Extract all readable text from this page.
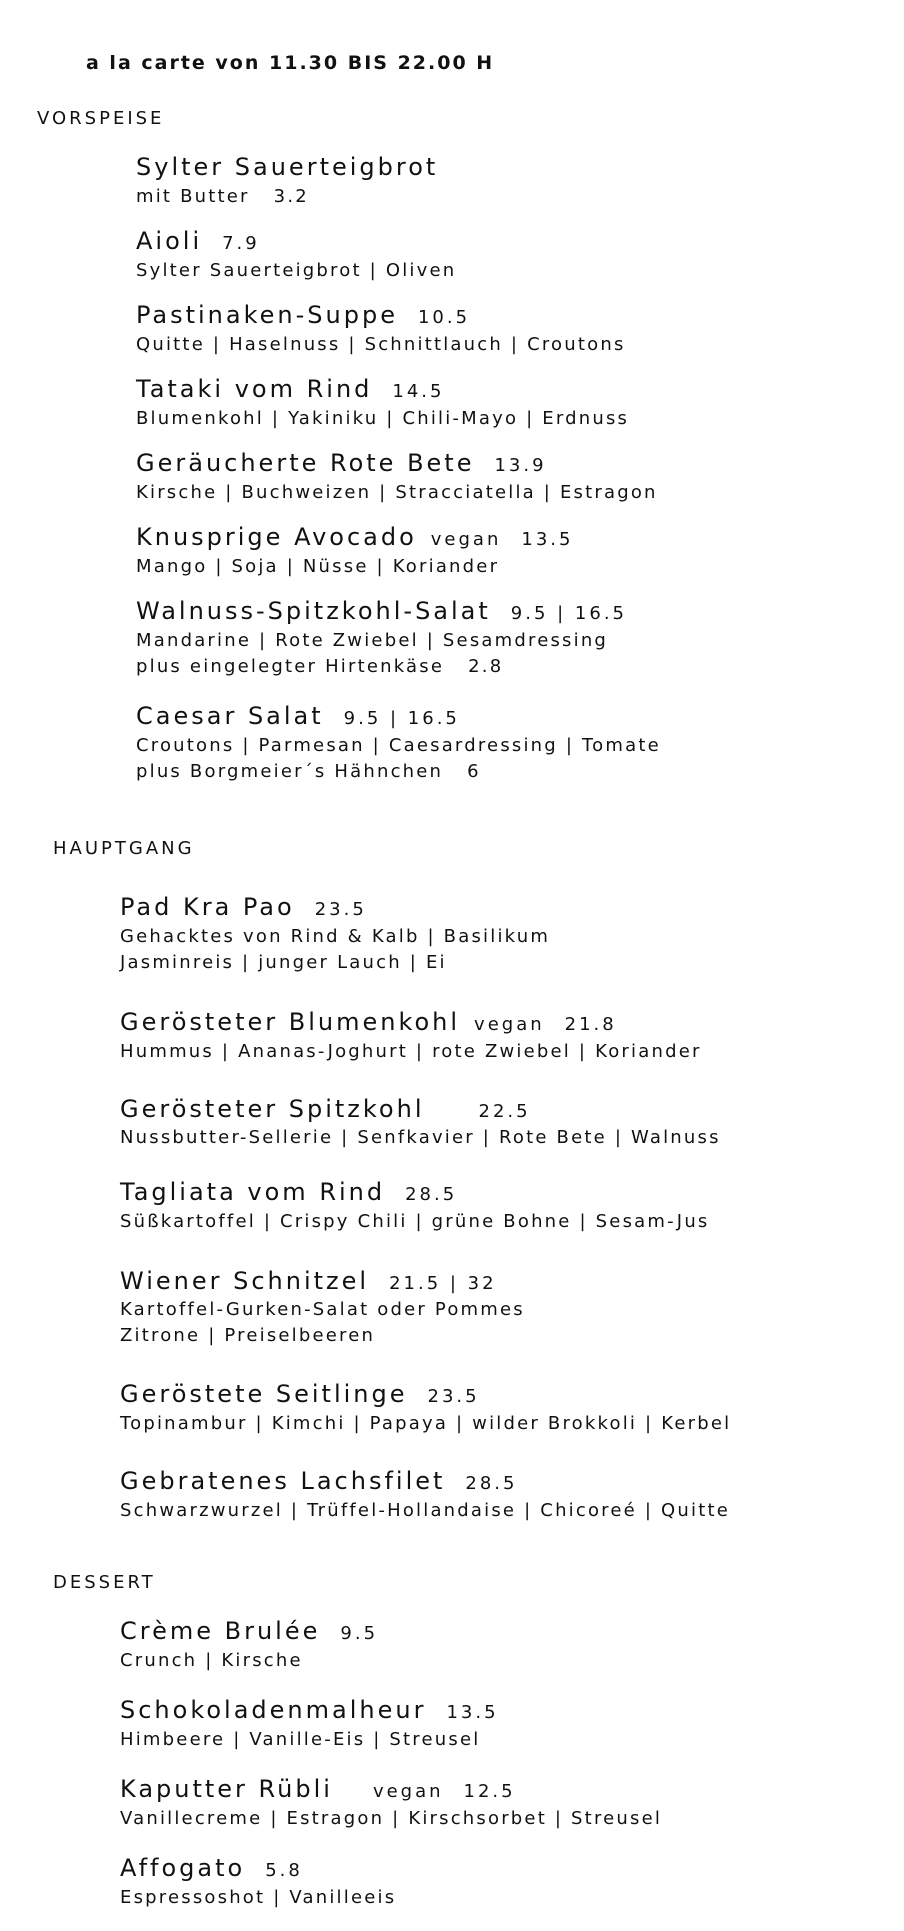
a la carte von 11.30 BIS 22.00 H
VORSPEISE
Sylter Sauerteigbrot
mit Butter 3.2
Aioli 7.9
Sylter Sauerteigbrot | Oliven
Pastinaken-Suppe 10.5
Quitte | Haselnuss | Schnittlauch | Croutons
Tataki vom Rind 14.5
Blumenkohl | Yakiniku | Chili-Mayo | Erdnuss
Geräucherte Rote Bete 13.9
Kirsche | Buchweizen | Stracciatella | Estragon
Knusprige Avocado vegan 13.5
Mango | Soja | Nüsse | Koriander
Walnuss-Spitzkohl-Salat 9.5 | 16.5
Mandarine | Rote Zwiebel | Sesamdressing
plus eingelegter Hirtenkäse 2.8
Caesar Salat 9.5 | 16.5
Croutons | Parmesan | Caesardressing | Tomate
plus Borgmeier´s Hähnchen 6
HAUPTGANG
Pad Kra Pao 23.5
Gehacktes von Rind & Kalb | Basilikum
Jasminreis | junger Lauch | Ei
Gerösteter Blumenkohl vegan 21.8
Hummus | Ananas-Joghurt | rote Zwiebel | Koriander
Gerösteter Spitzkohl	22.5
Nussbutter-Sellerie | Senfkavier | Rote Bete | Walnuss
Tagliata vom Rind 28.5
Süßkartoffel | Crispy Chili | grüne Bohne | Sesam-Jus
Wiener Schnitzel 21.5 | 32
Kartoffel-Gurken-Salat oder Pommes
Zitrone | Preiselbeeren
Geröstete Seitlinge 23.5
Topinambur | Kimchi | Papaya | wilder Brokkoli | Kerbel
Gebratenes Lachsfilet 28.5
Schwarzwurzel | Trüffel-Hollandaise | Chicoreé | Quitte
DESSERT
Crème Brulée 9.5
Crunch | Kirsche
Schokoladenmalheur 13.5
Himbeere | Vanille-Eis | Streusel
Kaputter Rübli vegan 12.5
Vanillecreme | Estragon | Kirschsorbet | Streusel
Affogato 5.8
Espressoshot | Vanilleeis
